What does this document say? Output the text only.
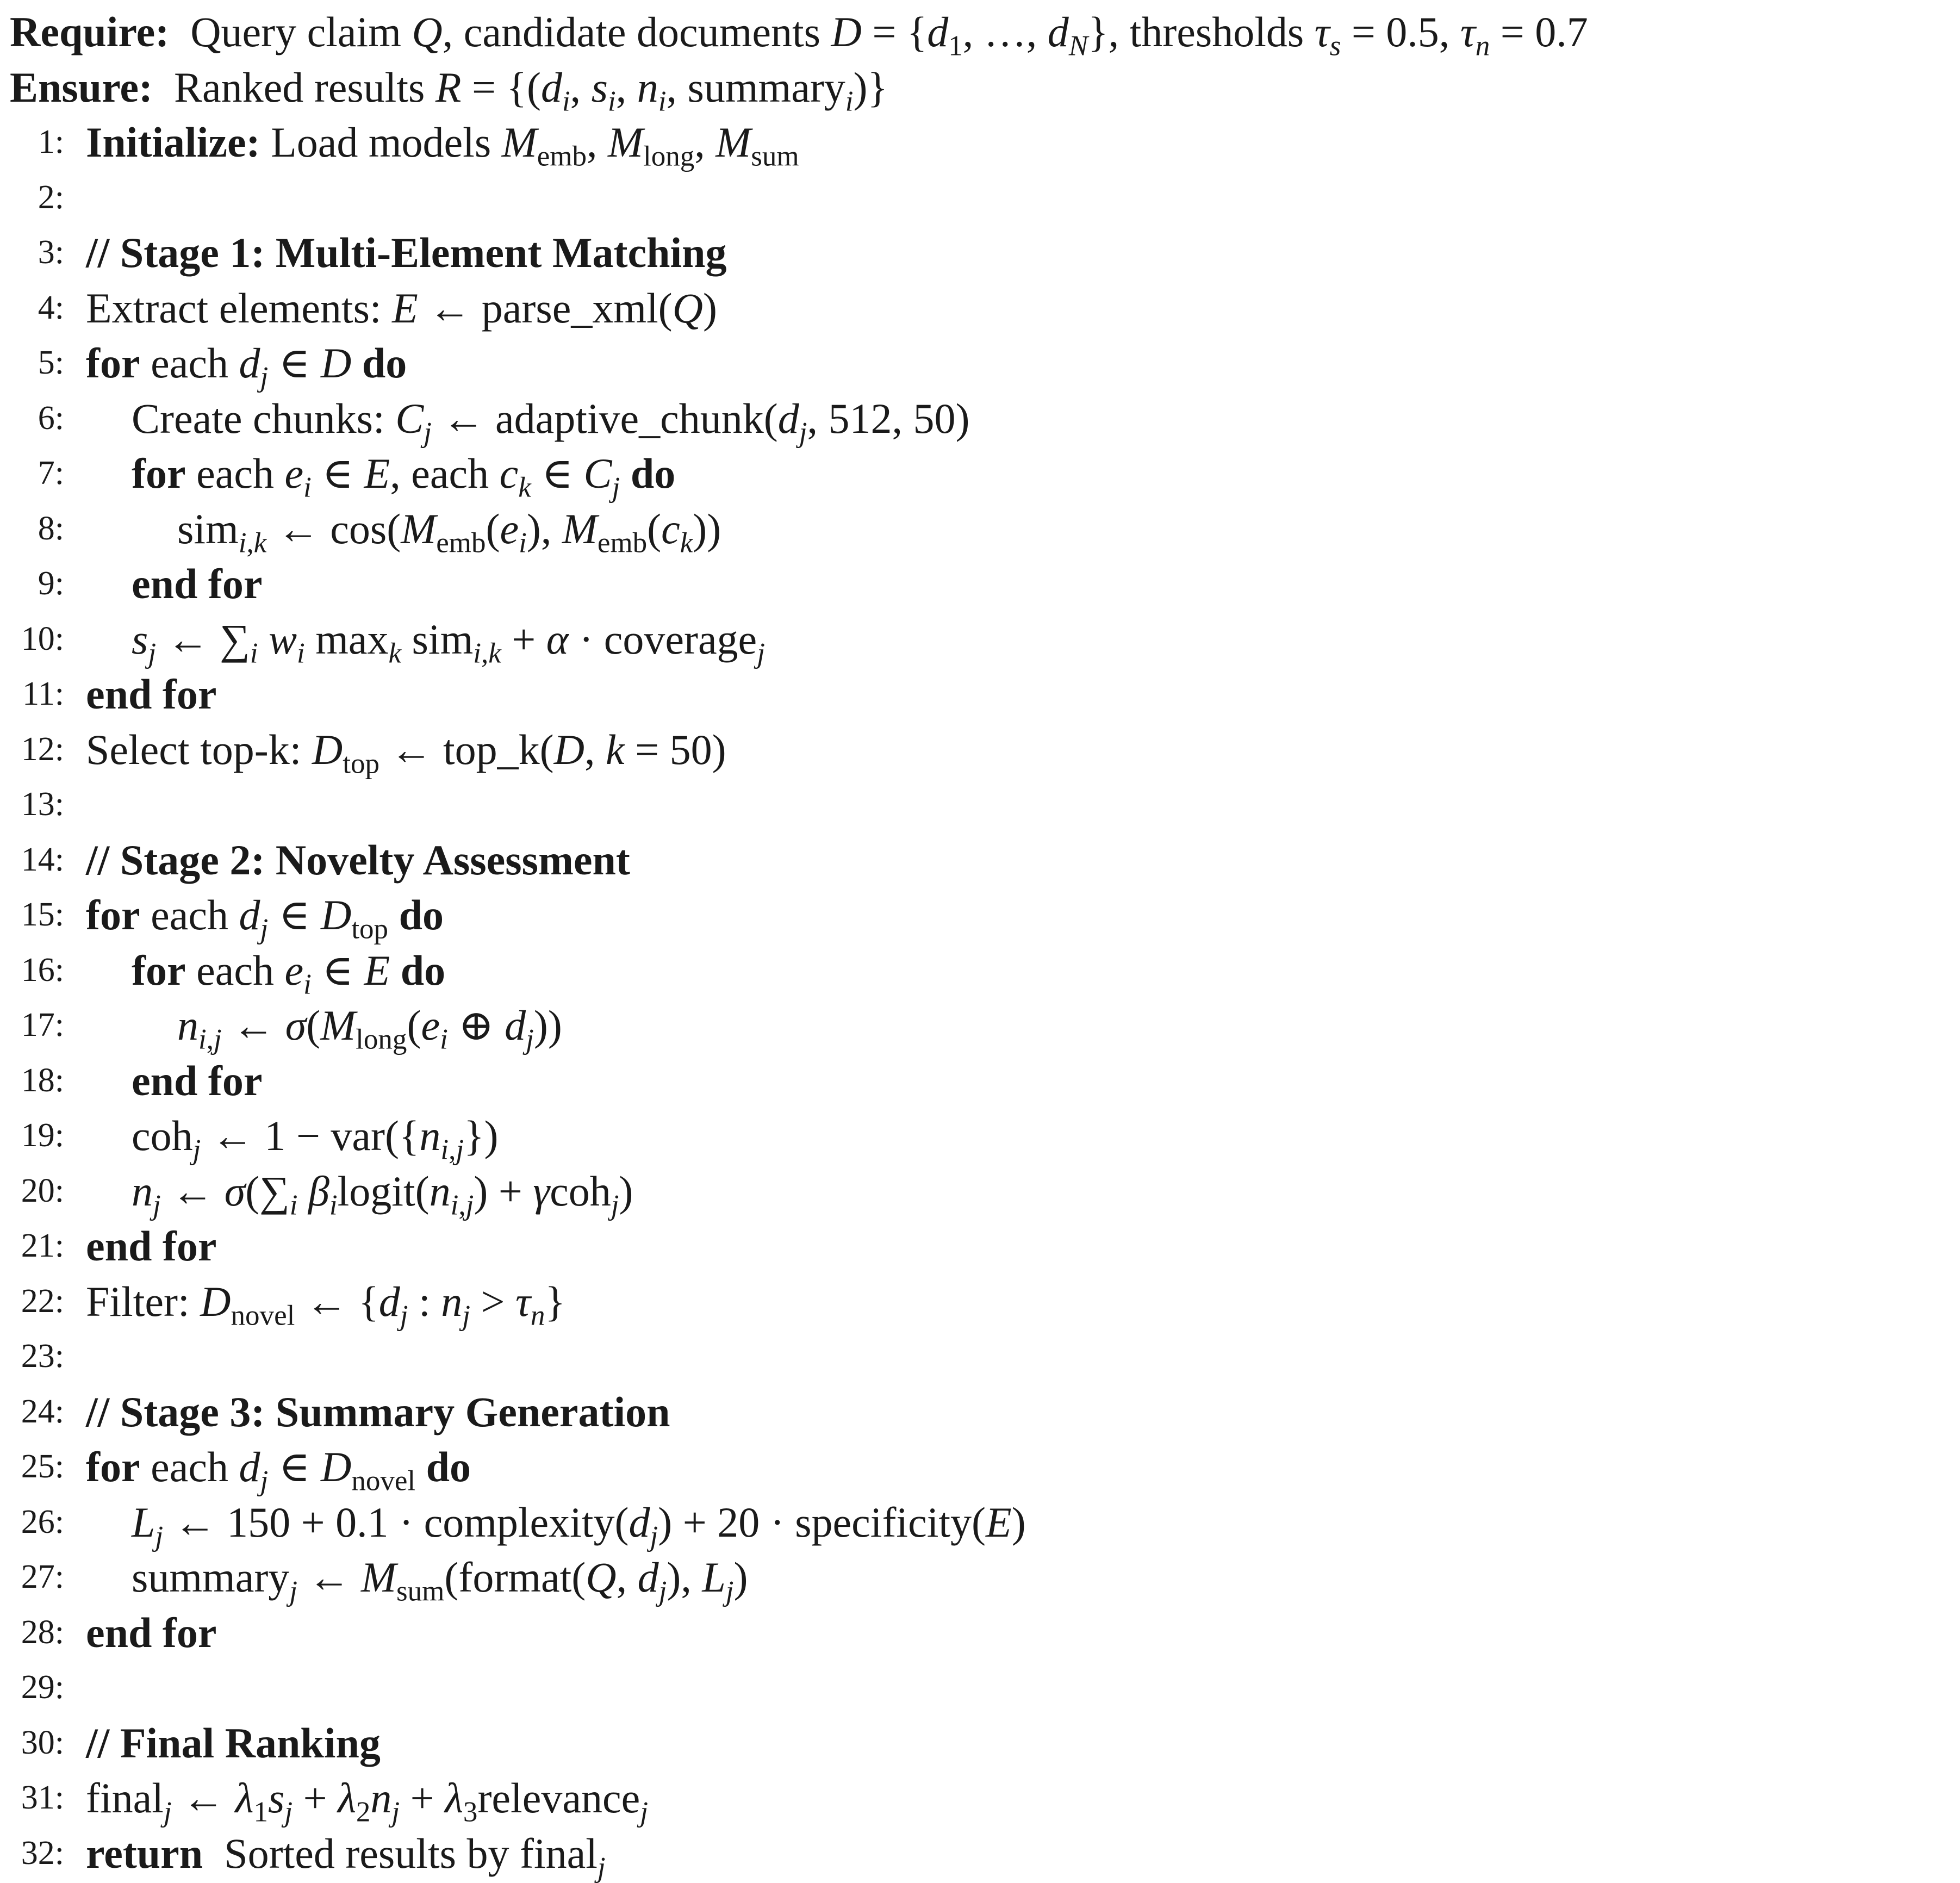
Require:  Query claim Q, candidate documents $D = \{d_1$, …, $d_N$}, thresholds $\tau_s = 0.5$, $\tau_n = 0.7$
Ensure:  Ranked results $R = \{(d_i$, $s_i$, $n_i$, summary$_i$)}
1: Initialize: Load models $M_{emb}$, $M_{long}$, $M_{sum}$
2:
3: // Stage 1: Multi-Element Matching
4: Extract elements: E ← parse_xml(Q)
5: for each $d_j$ ∈ D do
6: Create chunks: $C_j$ ← $adaptive\_chunk(d_j$, 512, 50)
7: for each $e_i$ ∈ E, each $c_k$ ∈ $C_j$ do
8:	sim$_{i,k}$ ← $\cos(M_{emb}(e_i)$, $M_{emb}(c_k)$)
9: end for
10: $s_j$ ← $\sum_i$ $w_i$ $\max_k sim_{i,k} + \alpha$ · coverage$_j$
11: end for
12: Select top-k: $D_{top}$ ← top_k(D, k = 50)
13:
14: // Stage 2: Novelty Assessment
15: for each $d_j$ ∈ $D_{top}$ do
16: for each $e_i$ ∈ E do
17:	$n_{i,j}$ ← $\sigma(M_{long}(e_i$ ⊕ $d_j$))
18: end for
19: coh$_j$ ← $1 - var(\{n_{i,j}\})$
20: $n_j$ ← $\sigma(\sum_i$ $\beta_ilogit(n_{i,j}) + \gamma coh_j$)
21: end for
22: Filter: $D_{novel}$ ← {$d_j$ : $n_j > \tau_n$}
23:
24: // Stage 3: Summary Generation
25: for each $d_j$ ∈ $D_{novel}$ do
26: $L_j$ ← $150 + 0.1 \cdot complexity(d_j) + 20$ · specificity(E)
27: summary$_j$ ← $M_{sum}(format(Q$, $d_j$), $L_j$)
28: end for
29:
30: // Final Ranking
31: final$_j$ ← $\lambda_1s_j + \lambda_2n_j$ + $\lambda_3relevance_j$
32: return  Sorted results by final$_j$
